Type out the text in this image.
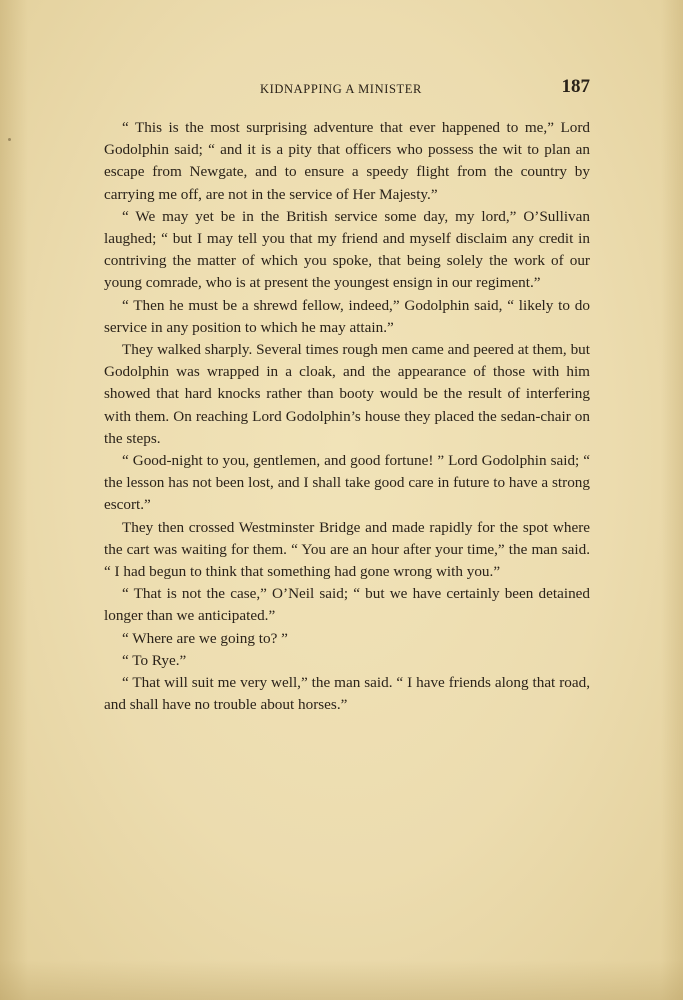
KIDNAPPING A MINISTER	187

“ This is the most surprising adventure that ever happened to me,” Lord Godolphin said; “ and it is a pity that officers who possess the wit to plan an escape from Newgate, and to ensure a speedy flight from the country by carrying me off, are not in the service of Her Majesty.”

“ We may yet be in the British service some day, my lord,” O’Sullivan laughed; “ but I may tell you that my friend and myself disclaim any credit in contriving the matter of which you spoke, that being solely the work of our young comrade, who is at present the youngest ensign in our regiment.”

“ Then he must be a shrewd fellow, indeed,” Godolphin said, “ likely to do service in any position to which he may attain.”

They walked sharply. Several times rough men came and peered at them, but Godolphin was wrapped in a cloak, and the appearance of those with him showed that hard knocks rather than booty would be the result of interfering with them. On reaching Lord Godolphin’s house they placed the sedan-chair on the steps.

“ Good-night to you, gentlemen, and good fortune! ” Lord Godolphin said; “ the lesson has not been lost, and I shall take good care in future to have a strong escort.”

They then crossed Westminster Bridge and made rapidly for the spot where the cart was waiting for them. “ You are an hour after your time,” the man said. “ I had begun to think that something had gone wrong with you.”

“ That is not the case,” O’Neil said; “ but we have certainly been detained longer than we anticipated.”

“ Where are we going to? ”

“ To Rye.”

“ That will suit me very well,” the man said. “ I have friends along that road, and shall have no trouble about horses.”
